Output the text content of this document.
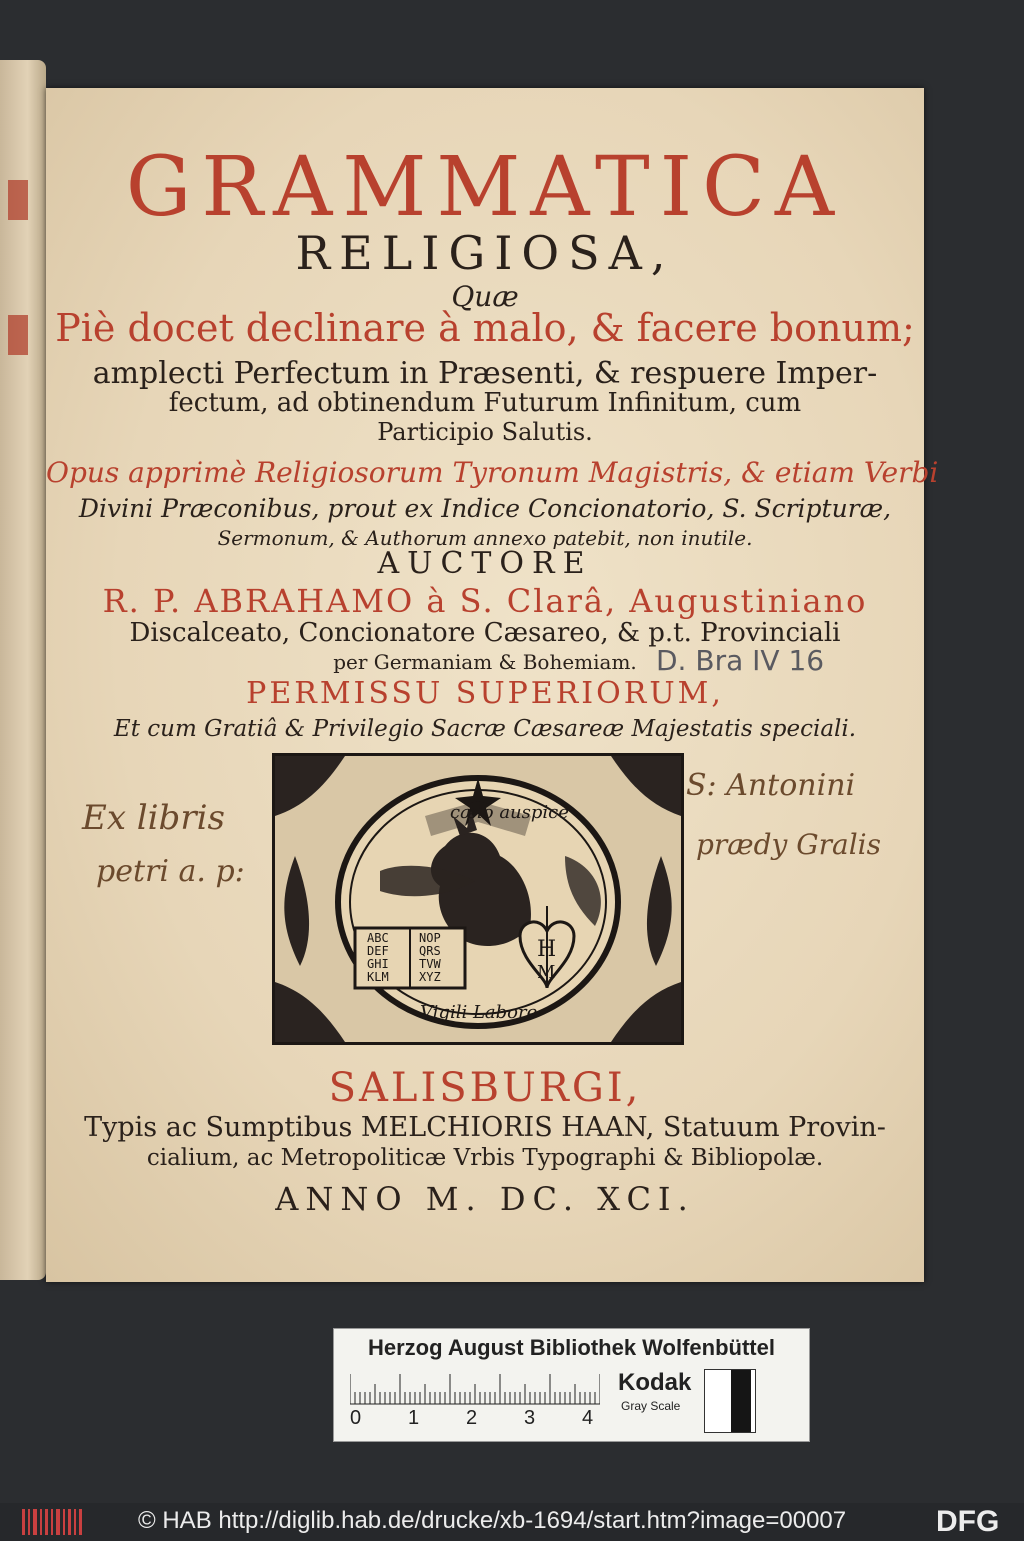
GRAMMATICA
RELIGIOSA,
Quæ
Piè docet declinare à malo, & facere bonum;
amplecti Perfectum in Præsenti, & respuere Imper-
fectum, ad obtinendum Futurum Infinitum, cum
Participio Salutis.
Opus apprimè Religiosorum Tyronum Magistris, & etiam Verbi
Divini Præconibus, prout ex Indice Concionatorio, S. Scripturæ,
Sermonum, & Authorum annexo patebit, non inutile.
AUCTORE
R. P. ABRAHAMO à S. Clarâ, Augustiniano
Discalceato, Concionatore Cæsareo, & p.t. Provinciali
per Germaniam & Bohemiam.
PERMISSU SUPERIORUM,
Et cum Gratiâ & Privilegio Sacræ Cæsareæ Majestatis speciali.
D. Bra IV 16
Ex libris
petri a. p:
S: Antonini
prædy Gralis
H
M
cælo auspice
Vigili Labore
ABC
DEF
GHI
KLM
NOP
QRS
TVW
XYZ
SALISBURGI,
Typis ac Sumptibus MELCHIORIS HAAN, Statuum Provin-
cialium, ac Metropoliticæ Vrbis Typographi & Bibliopolæ.
ANNO M. DC. XCI.
Herzog August Bibliothek Wolfenbüttel
0 1 2 3 4
Kodak
Gray Scale
© HAB http://diglib.hab.de/drucke/xb-1694/start.htm?image=00007	DFG
